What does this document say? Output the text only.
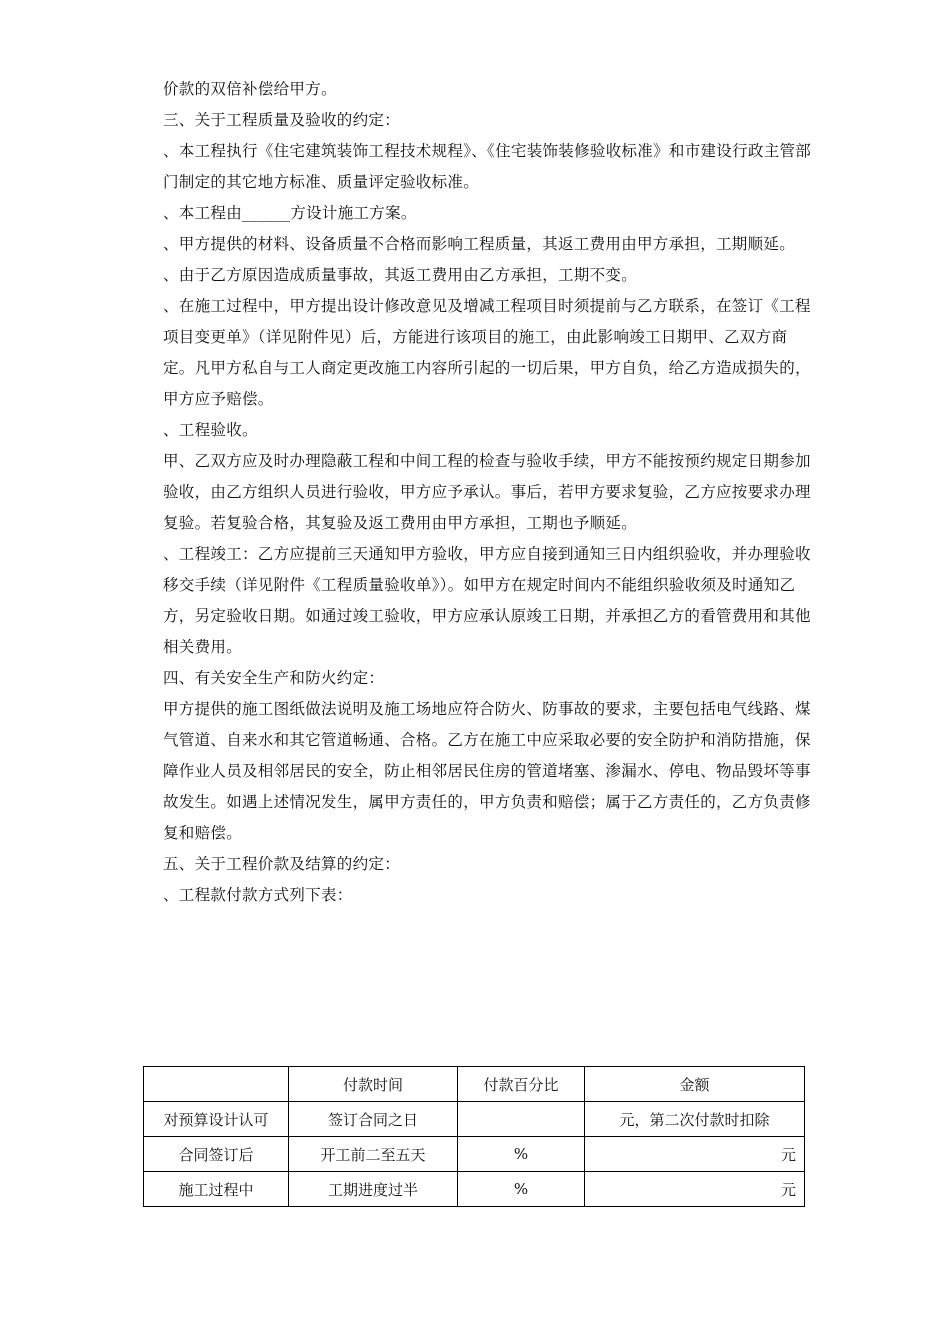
价款的双倍补偿给甲方。

三、关于工程质量及验收的约定：

、本工程执行《住宅建筑装饰工程技术规程》、《住宅装饰装修验收标准》和市建设行政主管部门制定的其它地方标准、质量评定验收标准。

、本工程由______方设计施工方案。

、甲方提供的材料、设备质量不合格而影响工程质量，其返工费用由甲方承担，工期顺延。

、由于乙方原因造成质量事故，其返工费用由乙方承担，工期不变。

、在施工过程中，甲方提出设计修改意见及增减工程项目时须提前与乙方联系，在签订《工程项目变更单》（详见附件见）后，方能进行该项目的施工，由此影响竣工日期甲、乙双方商定。凡甲方私自与工人商定更改施工内容所引起的一切后果，甲方自负，给乙方造成损失的，甲方应予赔偿。

、工程验收。

甲、乙双方应及时办理隐蔽工程和中间工程的检查与验收手续，甲方不能按预约规定日期参加验收，由乙方组织人员进行验收，甲方应予承认。事后，若甲方要求复验，乙方应按要求办理复验。若复验合格，其复验及返工费用由甲方承担，工期也予顺延。

、工程竣工：乙方应提前三天通知甲方验收，甲方应自接到通知三日内组织验收，并办理验收移交手续（详见附件《工程质量验收单》）。如甲方在规定时间内不能组织验收须及时通知乙方，另定验收日期。如通过竣工验收，甲方应承认原竣工日期，并承担乙方的看管费用和其他相关费用。

四、有关安全生产和防火约定：

甲方提供的施工图纸做法说明及施工场地应符合防火、防事故的要求，主要包括电气线路、煤气管道、自来水和其它管道畅通、合格。乙方在施工中应采取必要的安全防护和消防措施，保障作业人员及相邻居民的安全，防止相邻居民住房的管道堵塞、渗漏水、停电、物品毁坏等事故发生。如遇上述情况发生，属甲方责任的，甲方负责和赔偿；属于乙方责任的，乙方负责修复和赔偿。

五、关于工程价款及结算的约定：

、工程款付款方式列下表：

	付款时间	付款百分比	金额
对预算设计认可	签订合同之日		元，第二次付款时扣除
合同签订后	开工前二至五天	%	元
施工过程中	工期进度过半	%	元
